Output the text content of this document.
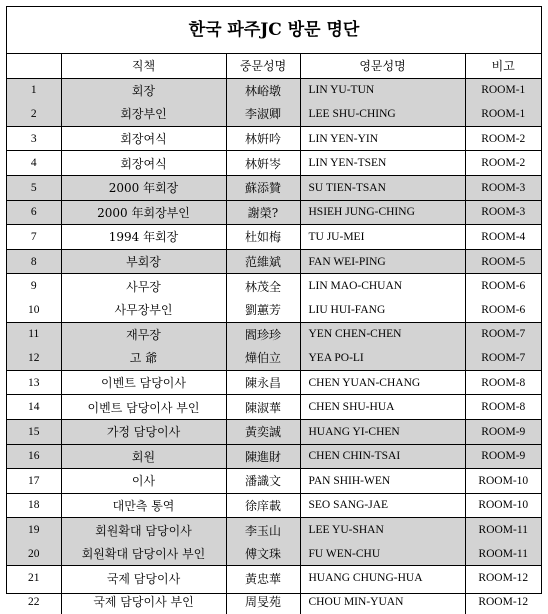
한국 파주JC 방문 명단
	직책	중문성명	영문성명	비고
1	회장	林峪墩	LIN YU-TUN	ROOM-1
2	회장부인	李淑卿	LEE SHU-CHING	ROOM-1
3	회장여식	林姸吟	LIN YEN-YIN	ROOM-2
4	회장여식	林姸岑	LIN YEN-TSEN	ROOM-2
5	2000 年회장	蘇添贊	SU TIEN-TSAN	ROOM-3
6	2000 年회장부인	謝榮?	HSIEH JUNG-CHING	ROOM-3
7	1994 年회장	杜如梅	TU JU-MEI	ROOM-4
8	부회장	范維斌	FAN WEI-PING	ROOM-5
9	사무장	林茂全	LIN MAO-CHUAN	ROOM-6
10	사무장부인	劉蕙芳	LIU HUI-FANG	ROOM-6
11	재무장	閻珍珍	YEN CHEN-CHEN	ROOM-7
12	고 爺	燁伯立	YEA PO-LI	ROOM-7
13	이벤트 담당이사	陳永昌	CHEN YUAN-CHANG	ROOM-8
14	이벤트 담당이사 부인	陳淑華	CHEN SHU-HUA	ROOM-8
15	가정 담당이사	黃奕誠	HUANG YI-CHEN	ROOM-9
16	회원	陳進財	CHEN CHIN-TSAI	ROOM-9
17	이사	潘識文	PAN SHIH-WEN	ROOM-10
18	대만측 통역	徐庠載	SEO SANG-JAE	ROOM-10
19	회원확대 담당이사	李玉山	LEE YU-SHAN	ROOM-11
20	회원확대 담당이사 부인	傅文珠	FU WEN-CHU	ROOM-11
21	국제 담당이사	黃忠華	HUANG CHUNG-HUA	ROOM-12
22	국제 담당이사 부인	周旻苑	CHOU MIN-YUAN	ROOM-12
